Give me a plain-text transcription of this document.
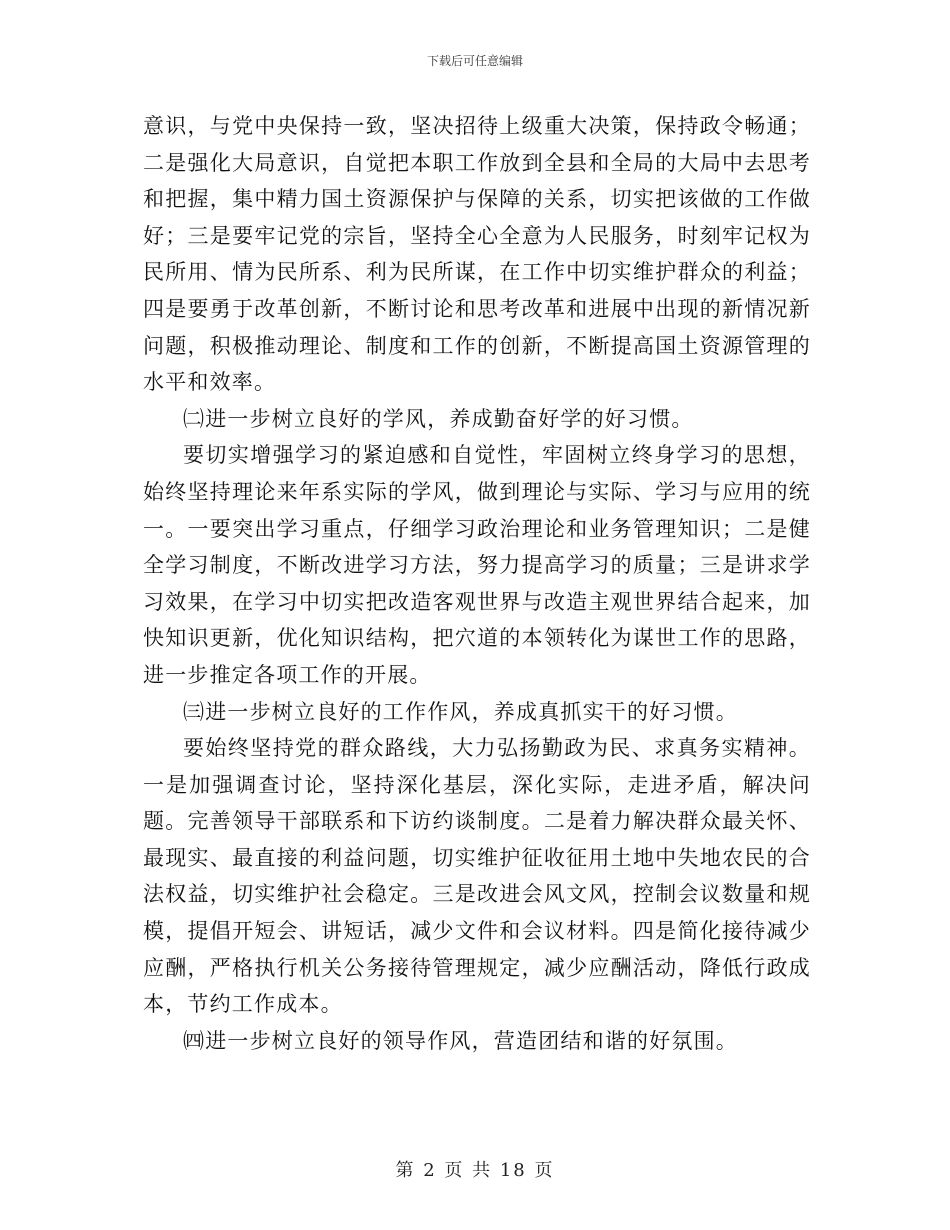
下载后可任意编辑

意识，与党中央保持一致，坚决招待上级重大决策，保持政令畅通；二是强化大局意识，自觉把本职工作放到全县和全局的大局中去思考和把握，集中精力国土资源保护与保障的关系，切实把该做的工作做好；三是要牢记党的宗旨，坚持全心全意为人民服务，时刻牢记权为民所用、情为民所系、利为民所谋，在工作中切实维护群众的利益；四是要勇于改革创新，不断讨论和思考改革和进展中出现的新情况新问题，积极推动理论、制度和工作的创新，不断提高国土资源管理的水平和效率。

㈡进一步树立良好的学风，养成勤奋好学的好习惯。

要切实增强学习的紧迫感和自觉性，牢固树立终身学习的思想，始终坚持理论来年系实际的学风，做到理论与实际、学习与应用的统一。一要突出学习重点，仔细学习政治理论和业务管理知识；二是健全学习制度，不断改进学习方法，努力提高学习的质量；三是讲求学习效果，在学习中切实把改造客观世界与改造主观世界结合起来，加快知识更新，优化知识结构，把穴道的本领转化为谋世工作的思路，进一步推定各项工作的开展。

㈢进一步树立良好的工作作风，养成真抓实干的好习惯。

要始终坚持党的群众路线，大力弘扬勤政为民、求真务实精神。一是加强调查讨论，坚持深化基层，深化实际，走进矛盾，解决问题。完善领导干部联系和下访约谈制度。二是着力解决群众最关怀、最现实、最直接的利益问题，切实维护征收征用土地中失地农民的合法权益，切实维护社会稳定。三是改进会风文风，控制会议数量和规模，提倡开短会、讲短话，减少文件和会议材料。四是简化接待减少应酬，严格执行机关公务接待管理规定，减少应酬活动，降低行政成本，节约工作成本。

㈣进一步树立良好的领导作风，营造团结和谐的好氛围。

第 2 页 共 18 页
